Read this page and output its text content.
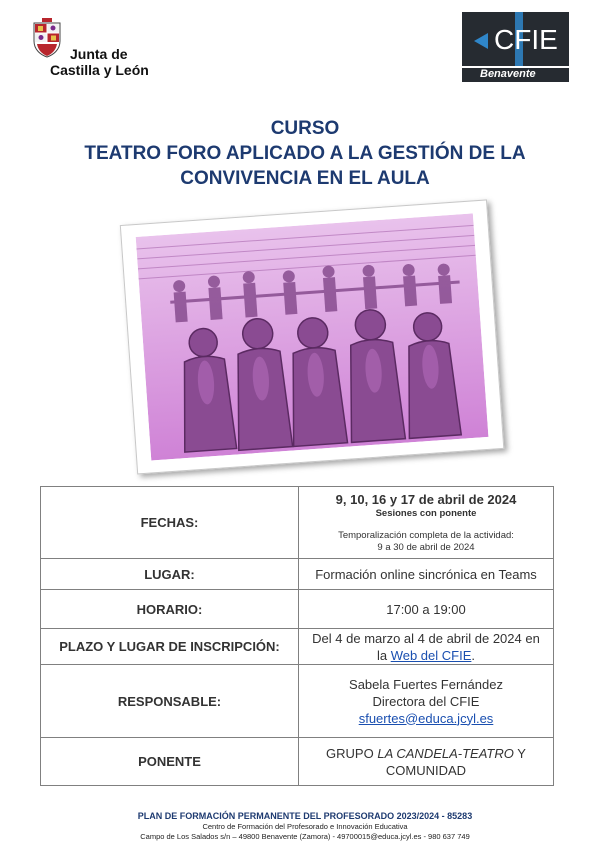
Junta de
Castilla y León
CFIE
Benavente
CURSO
TEATRO FORO APLICADO A LA GESTIÓN DE LA
CONVIVENCIA EN EL AULA
FECHAS:	9, 10, 16 y 17 de abril de 2024
Sesiones con ponente
Temporalización completa de la actividad:
9 a 30 de abril de 2024

LUGAR:	Formación online sincrónica en Teams
HORARIO:	17:00 a 19:00
PLAZO Y LUGAR DE INSCRIPCIÓN:	Del 4 de marzo al 4 de abril de 2024 en
la Web del CFIE.

RESPONSABLE:	Sabela Fuertes Fernández
Directora del CFIE
sfuertes@educa.jcyl.es

PONENTE	GRUPO LA CANDELA-TEATRO Y
COMUNIDAD
PLAN DE FORMACIÓN PERMANENTE DEL PROFESORADO 2023/2024 - 85283
Centro de Formación del Profesorado e Innovación Educativa
Campo de Los Salados s/n – 49800 Benavente (Zamora) - 49700015@educa.jcyl.es - 980 637 749
